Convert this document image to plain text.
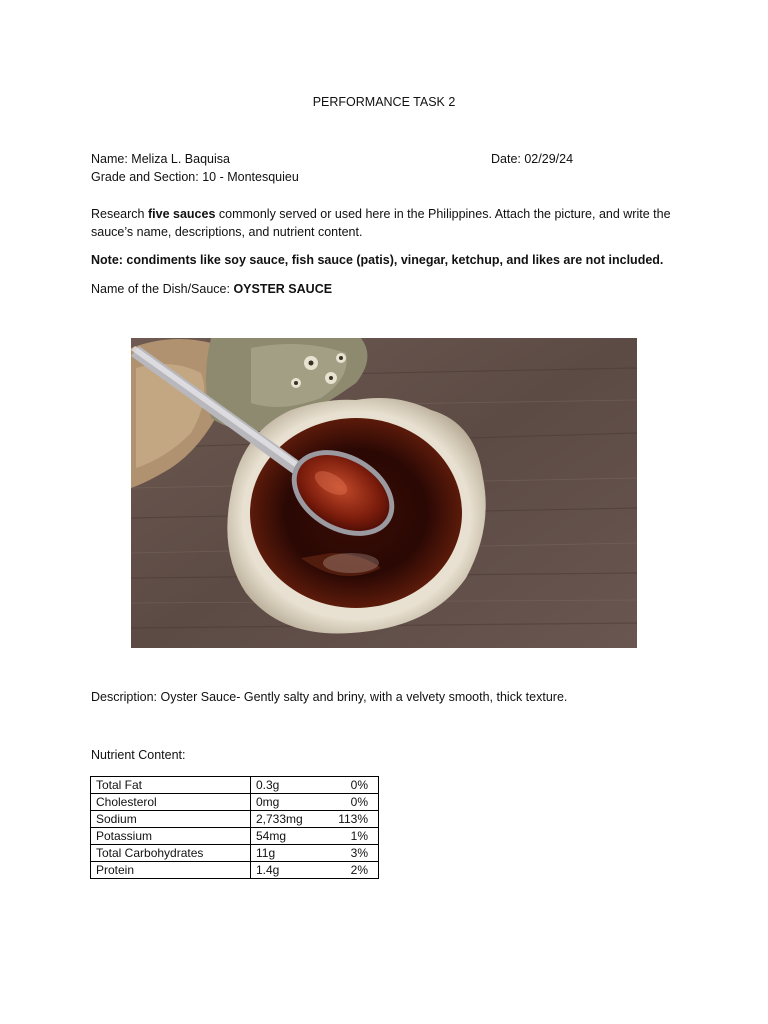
PERFORMANCE TASK 2
Name: Meliza L. Baquisa	Date: 02/29/24
Grade and Section: 10 - Montesquieu
Research five sauces commonly served or used here in the Philippines. Attach the picture, and write the sauce’s name, descriptions, and nutrient content.
Note: condiments like soy sauce, fish sauce (patis), vinegar, ketchup, and likes are not included.
Name of the Dish/Sauce: OYSTER SAUCE
Description: Oyster Sauce- Gently salty and briny, with a velvety smooth, thick texture.
Nutrient Content:
Total Fat	0.3g	0%
Cholesterol	0mg	0%
Sodium	2,733mg	113%
Potassium	54mg	1%
Total Carbohydrates	11g	3%
Protein	1.4g	2%
